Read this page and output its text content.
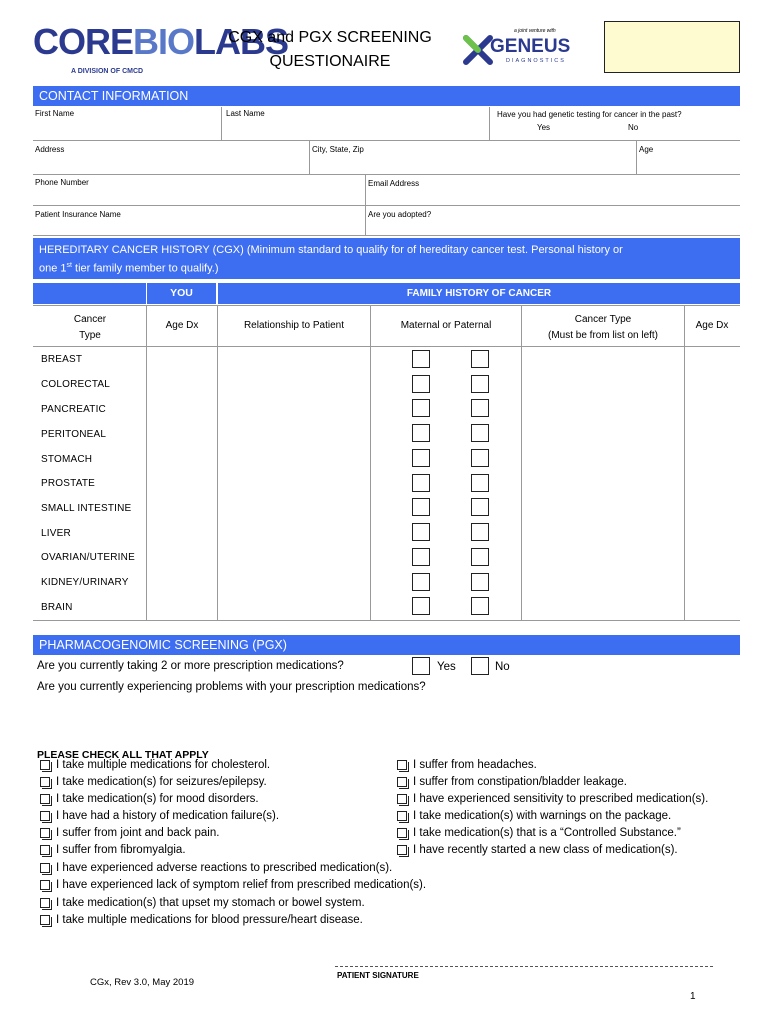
COREBIOLABS
A DIVISION OF CMCD
CGX and PGX SCREENING
QUESTIONAIRE
a joint venture with
GENEUS
DIAGNOSTICS
CONTACT INFORMATION
First Name	Last Name	Have you had genetic testing for cancer in the past?
Yes	No
Address	City, State, Zip	Age
Phone Number	Email Address
Patient Insurance Name	Are you adopted?
HEREDITARY CANCER HISTORY (CGX) (Minimum standard to qualify for of hereditary cancer test. Personal history or
one 1st tier family member to qualify.)
YOU	FAMILY HISTORY OF CANCER
Cancer
Type
Age Dx	Relationship to Patient	Maternal or Paternal
Cancer Type
(Must be from list on left)
Age Dx
BREAST
COLORECTAL
PANCREATIC
PERITONEAL
STOMACH
PROSTATE
SMALL INTESTINE
LIVER
OVARIAN/UTERINE
KIDNEY/URINARY
BRAIN
PHARMACOGENOMIC SCREENING (PGX)
Are you currently taking 2 or more prescription medications?	Yes	No
Are you currently experiencing problems with your prescription medications?
PLEASE CHECK ALL THAT APPLY
I take multiple medications for cholesterol.
I take medication(s) for seizures/epilepsy.
I take medication(s) for mood disorders.
I have had a history of medication failure(s).
I suffer from joint and back pain.
I suffer from fibromyalgia.
I suffer from headaches.
I suffer from constipation/bladder leakage.
I have experienced sensitivity to prescribed medication(s).
I take medication(s) with warnings on the package.
I take medication(s) that is a “Controlled Substance.”
I have recently started a new class of medication(s).
I have experienced adverse reactions to prescribed medication(s).
I have experienced lack of symptom relief from prescribed medication(s).
I take medication(s) that upset my stomach or bowel system.
I take multiple medications for blood pressure/heart disease.
PATIENT SIGNATURE
CGx, Rev 3.0, May 2019
1
